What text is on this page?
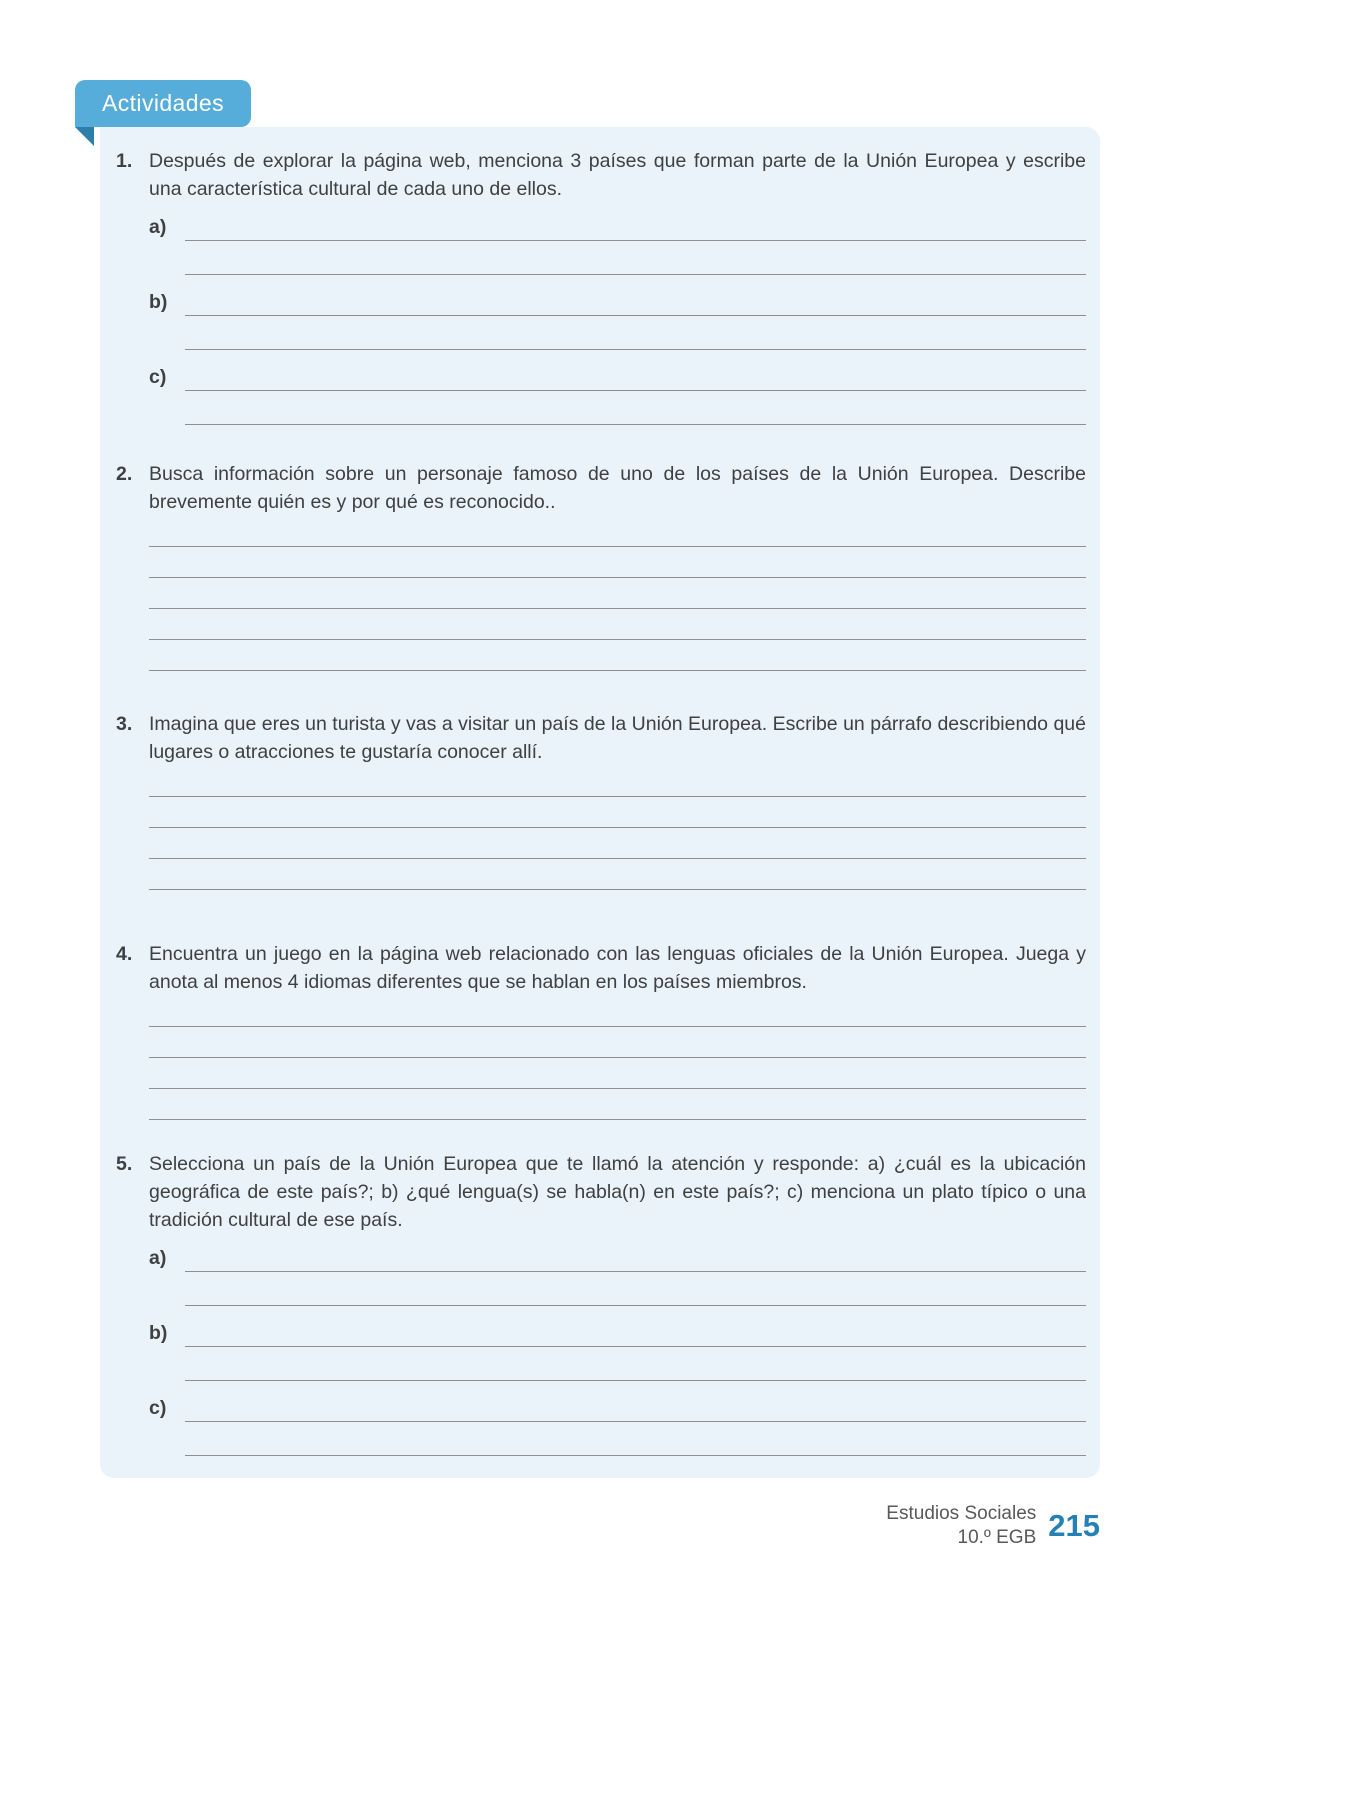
Actividades
1. Después de explorar la página web, menciona 3 países que forman parte de la Unión Europea y escribe una característica cultural de cada uno de ellos.

a)
b)
c)
2. Busca información sobre un personaje famoso de uno de los países de la Unión Europea. Describe brevemente quién es y por qué es reconocido..

3. Imagina que eres un turista y vas a visitar un país de la Unión Europea. Escribe un párrafo describiendo qué lugares o atracciones te gustaría conocer allí.

4. Encuentra un juego en la página web relacionado con las lenguas oficiales de la Unión Europea. Juega y anota al menos 4 idiomas diferentes que se hablan en los países miembros.

5. Selecciona un país de la Unión Europea que te llamó la atención y responde: a) ¿cuál es la ubicación geográfica de este país?; b) ¿qué lengua(s) se habla(n) en este país?; c) menciona un plato típico o una tradición cultural de ese país.

a)
b)
c)
Estudios Sociales
10.º EGB 215
